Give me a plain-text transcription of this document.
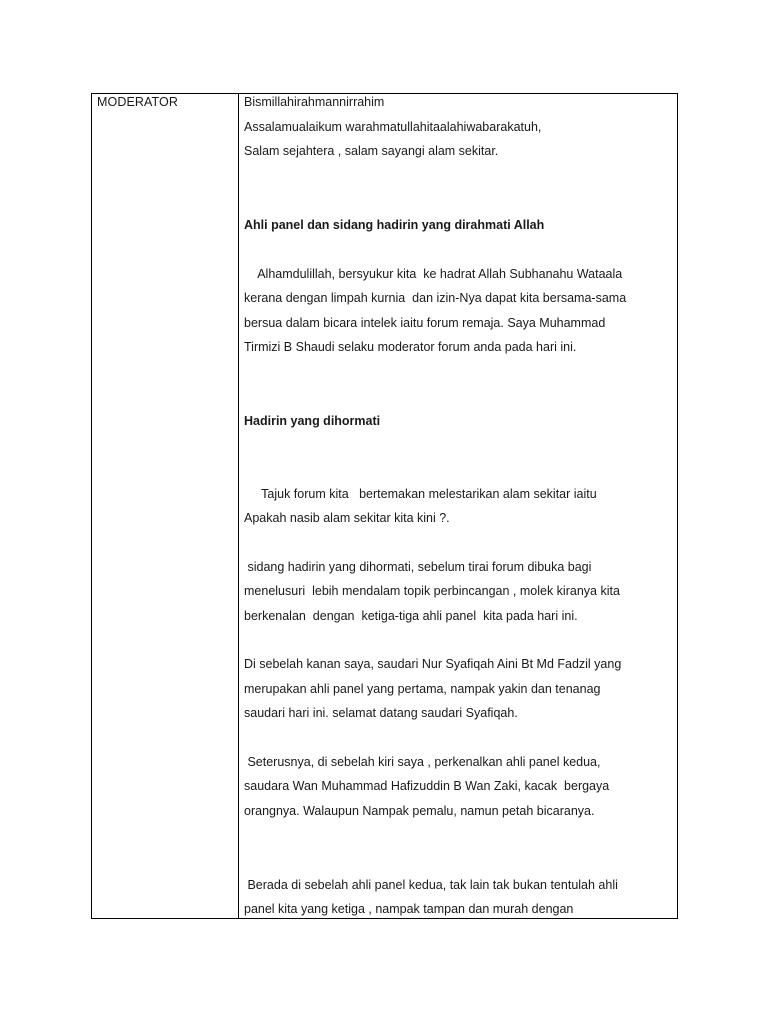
MODERATOR	Bismillahirahmannirrahim
Assalamualaikum warahmatullahitaalahiwabarakatuh,
Salam sejahtera , salam sayangi alam sekitar.
Ahli panel dan sidang hadirin yang dirahmati Allah
Alhamdulillah, bersyukur kita  ke hadrat Allah Subhanahu Wataala
kerana dengan limpah kurnia  dan izin-Nya dapat kita bersama-sama
bersua dalam bicara intelek iaitu forum remaja. Saya Muhammad
Tirmizi B Shaudi selaku moderator forum anda pada hari ini.
Hadirin yang dihormati
Tajuk forum kita   bertemakan melestarikan alam sekitar iaitu
Apakah nasib alam sekitar kita kini ?.
sidang hadirin yang dihormati, sebelum tirai forum dibuka bagi
menelusuri  lebih mendalam topik perbincangan , molek kiranya kita
berkenalan  dengan  ketiga-tiga ahli panel  kita pada hari ini.
Di sebelah kanan saya, saudari Nur Syafiqah Aini Bt Md Fadzil yang
merupakan ahli panel yang pertama, nampak yakin dan tenanag
saudari hari ini. selamat datang saudari Syafiqah.
Seterusnya, di sebelah kiri saya , perkenalkan ahli panel kedua,
saudara Wan Muhammad Hafizuddin B Wan Zaki, kacak  bergaya
orangnya. Walaupun Nampak pemalu, namun petah bicaranya.
Berada di sebelah ahli panel kedua, tak lain tak bukan tentulah ahli
panel kita yang ketiga , nampak tampan dan murah dengan
